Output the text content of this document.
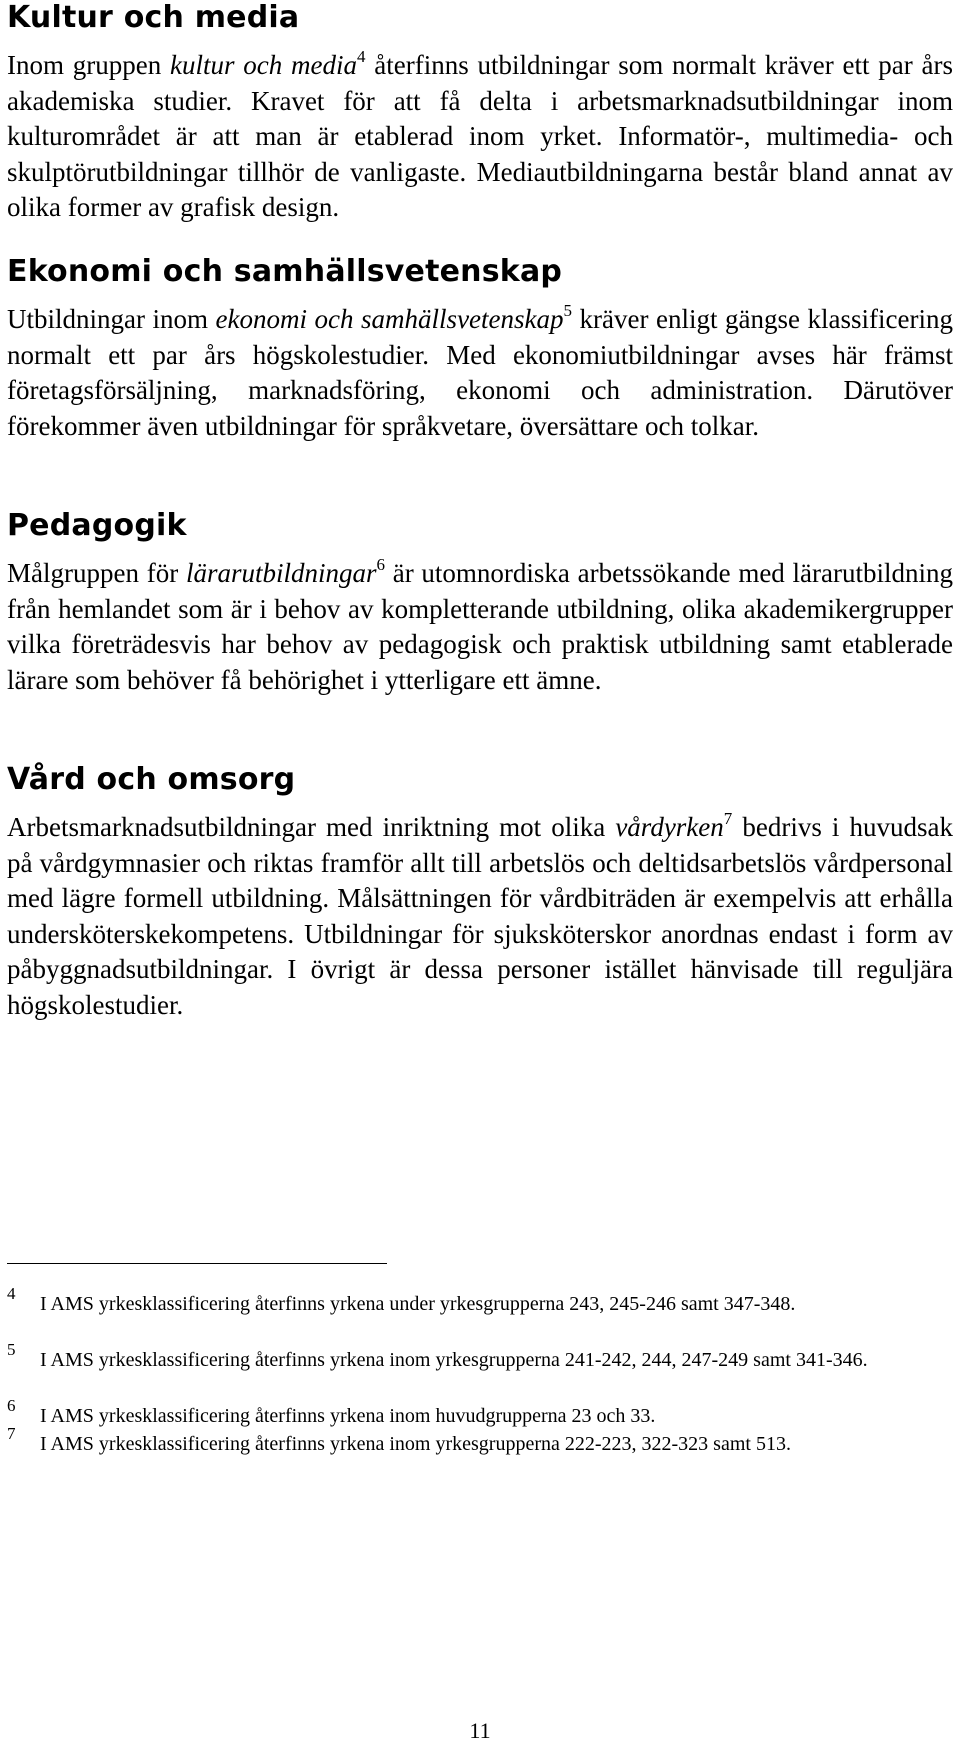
Kultur och media

Inom gruppen kultur och media$^4$ återfinns utbildningar som normalt kräver ett par års akademiska studier. Kravet för att få delta i arbetsmarknadsutbildningar inom kulturområdet är att man är etablerad inom yrket. Informatör-, multimedia- och skulptörutbildningar tillhör de vanligaste. Mediautbildningarna består bland annat av olika former av grafisk design.

Ekonomi och samhällsvetenskap

Utbildningar inom ekonomi och samhällsvetenskap$^5$ kräver enligt gängse klassificering normalt ett par års högskolestudier. Med ekonomiutbildningar avses här främst företagsförsäljning, marknadsföring, ekonomi och administration. Därutöver förekommer även utbildningar för språkvetare, översättare och tolkar.

Pedagogik

Målgruppen för lärarutbildningar$^6$ är utomnordiska arbetssökande med lärarutbildning från hemlandet som är i behov av kompletterande utbildning, olika akademikergrupper vilka företrädesvis har behov av pedagogisk och praktisk utbildning samt etablerade lärare som behöver få behörighet i ytterligare ett ämne.

Vård och omsorg

Arbetsmarknadsutbildningar med inriktning mot olika vårdyrken$^7$ bedrivs i huvudsak på vårdgymnasier och riktas framför allt till arbetslös och deltidsarbetslös vårdpersonal med lägre formell utbildning. Målsättningen för vårdbiträden är exempelvis att erhålla undersköterskekompetens. Utbildningar för sjuksköterskor anordnas endast i form av påbyggnadsutbildningar. I övrigt är dessa personer istället hänvisade till reguljära högskolestudier.

4 I AMS yrkesklassificering återfinns yrkena under yrkesgrupperna 243, 245-246 samt 347-348.
5 I AMS yrkesklassificering återfinns yrkena inom yrkesgrupperna 241-242, 244, 247-249 samt 341-346.
6 I AMS yrkesklassificering återfinns yrkena inom huvudgrupperna 23 och 33.
7 I AMS yrkesklassificering återfinns yrkena inom yrkesgrupperna 222-223, 322-323 samt 513.
11
